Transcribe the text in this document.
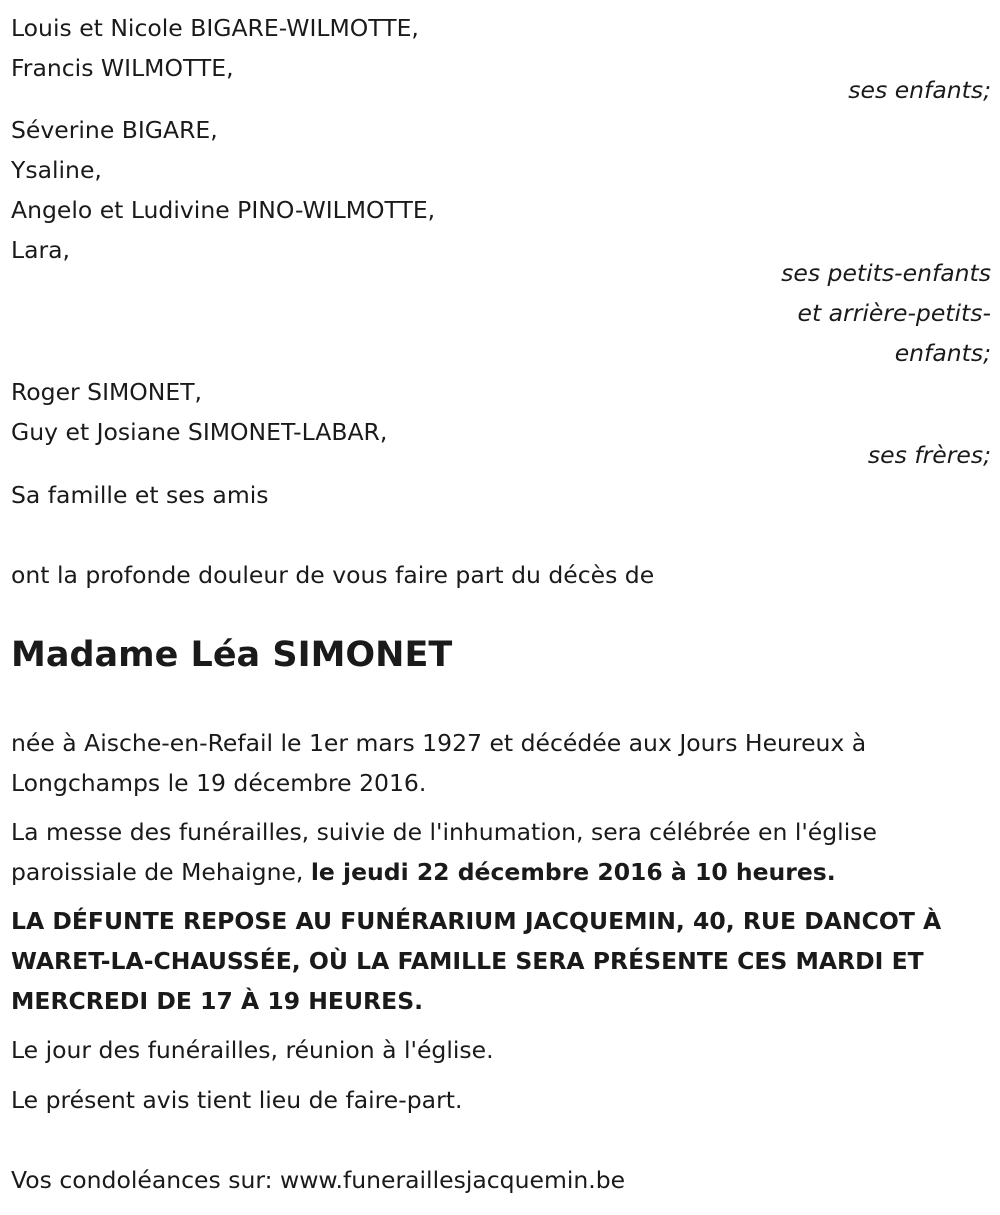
Louis et Nicole BIGARE-WILMOTTE,
Francis WILMOTTE,
ses enfants;
Séverine BIGARE,
Ysaline,
Angelo et Ludivine PINO-WILMOTTE,
Lara,
ses petits-enfants
et arrière-petits-
enfants;
Roger SIMONET,
Guy et Josiane SIMONET-LABAR,
ses frères;
Sa famille et ses amis
ont la profonde douleur de vous faire part du décès de
Madame Léa SIMONET

née à Aische-en-Refail le 1er mars 1927 et décédée aux Jours Heureux à Longchamps le 19 décembre 2016.

La messe des funérailles, suivie de l'inhumation, sera célébrée en l'église paroissiale de Mehaigne, le jeudi 22 décembre 2016 à 10 heures.

LA DÉFUNTE REPOSE AU FUNÉRARIUM JACQUEMIN, 40, RUE DANCOT À WARET-LA-CHAUSSÉE, OÙ LA FAMILLE SERA PRÉSENTE CES MARDI ET MERCREDI DE 17 À 19 HEURES.

Le jour des funérailles, réunion à l'église.

Le présent avis tient lieu de faire-part.

Vos condoléances sur: www.funeraillesjacquemin.be
